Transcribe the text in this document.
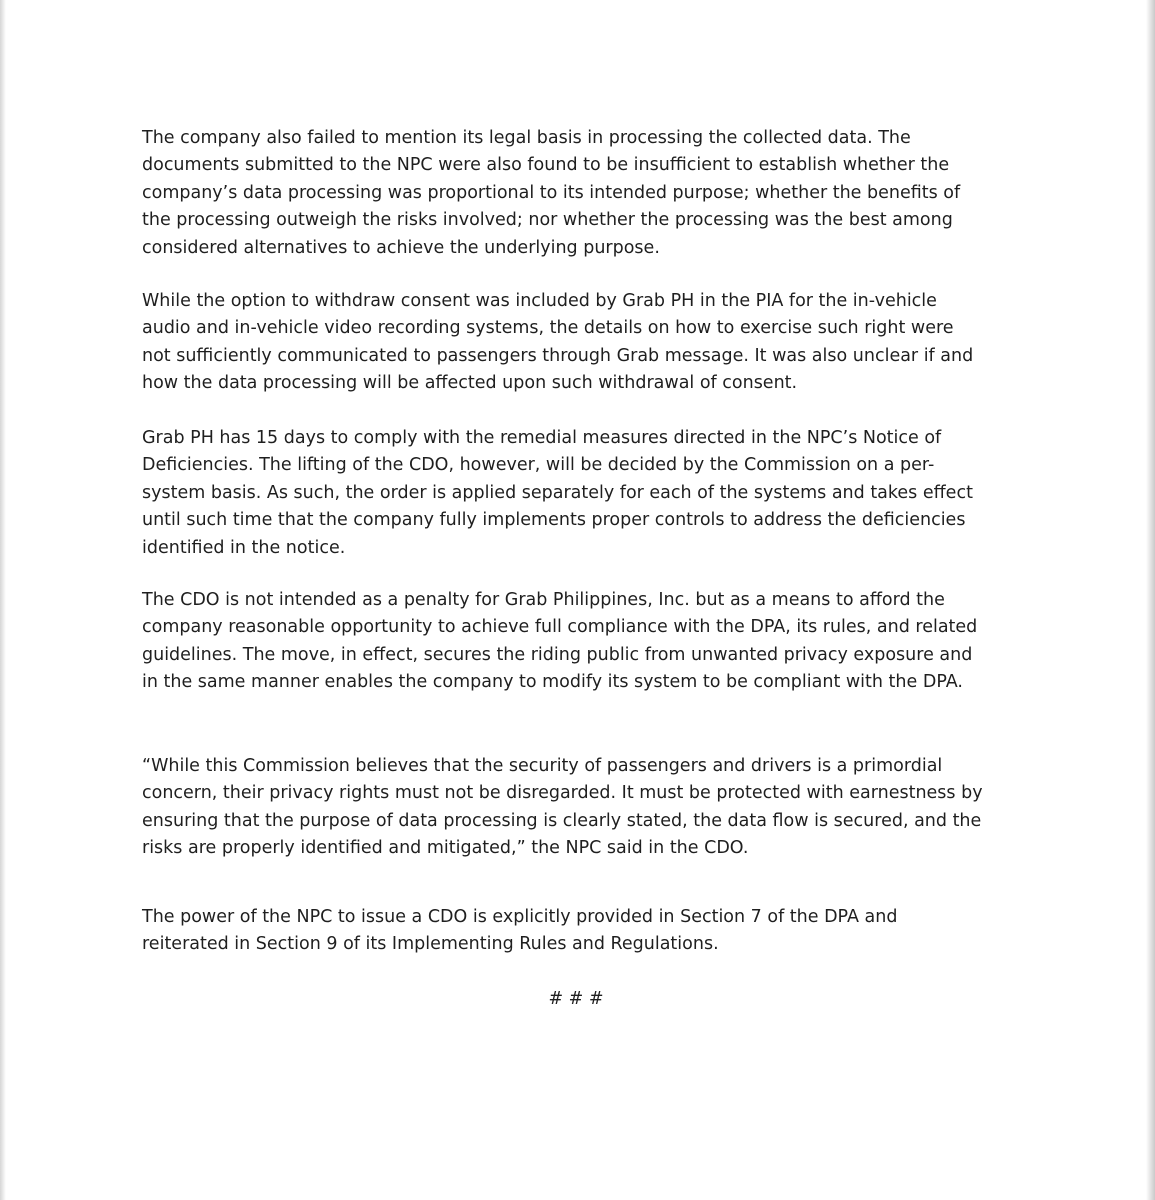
The company also failed to mention its legal basis in processing the collected data. The
documents submitted to the NPC were also found to be insufficient to establish whether the
company’s data processing was proportional to its intended purpose; whether the benefits of
the processing outweigh the risks involved; nor whether the processing was the best among
considered alternatives to achieve the underlying purpose.

While the option to withdraw consent was included by Grab PH in the PIA for the in-vehicle
audio and in-vehicle video recording systems, the details on how to exercise such right were
not sufficiently communicated to passengers through Grab message. It was also unclear if and
how the data processing will be affected upon such withdrawal of consent.

Grab PH has 15 days to comply with the remedial measures directed in the NPC’s Notice of
Deficiencies. The lifting of the CDO, however, will be decided by the Commission on a per-
system basis. As such, the order is applied separately for each of the systems and takes effect
until such time that the company fully implements proper controls to address the deficiencies
identified in the notice.

The CDO is not intended as a penalty for Grab Philippines, Inc. but as a means to afford the
company reasonable opportunity to achieve full compliance with the DPA, its rules, and related
guidelines. The move, in effect, secures the riding public from unwanted privacy exposure and
in the same manner enables the company to modify its system to be compliant with the DPA.

“While this Commission believes that the security of passengers and drivers is a primordial
concern, their privacy rights must not be disregarded. It must be protected with earnestness by
ensuring that the purpose of data processing is clearly stated, the data flow is secured, and the
risks are properly identified and mitigated,” the NPC said in the CDO.

The power of the NPC to issue a CDO is explicitly provided in Section 7 of the DPA and
reiterated in Section 9 of its Implementing Rules and Regulations.

# # #
